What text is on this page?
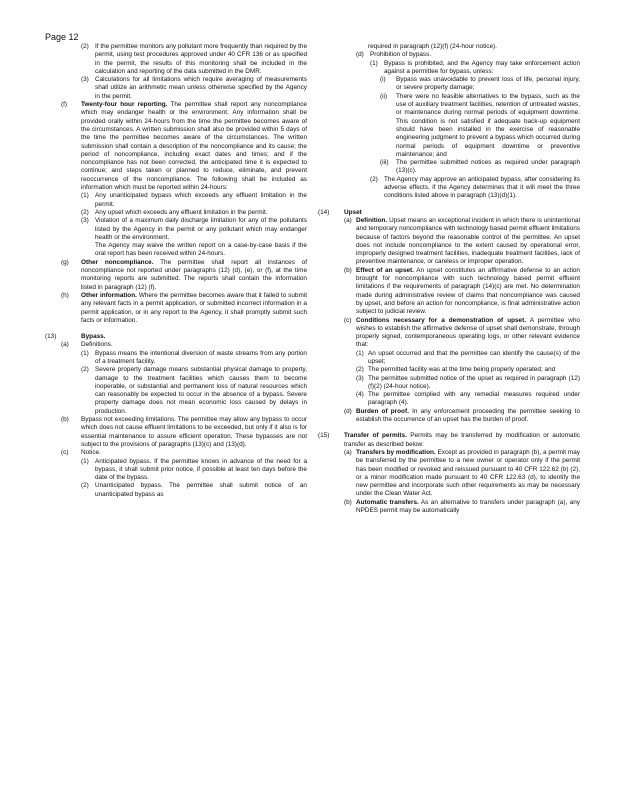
Page 12
(2) If the permittee monitors any pollutant more frequently than required by the permit, using test procedures approved under 40 CFR 136 or as specified in the permit, the results of this monitoring shall be included in the calculation and reporting of the data submitted in the DMR.
(3) Calculations for all limitations which require averaging of measurements shall utilize an arithmetic mean unless otherwise specified by the Agency in the permit.
(f)	Twenty-four hour reporting. The permittee shall report any noncompliance which may endanger health or the environment. Any information shall be provided orally within 24-hours from the time the permittee becomes aware of the circumstances. A written submission shall also be provided within 5 days of the time the permittee becomes aware of the circumstances. The written submission shall contain a description of the noncompliance and its cause; the period of noncompliance, including exact dates and times; and if the noncompliance has not been corrected, the anticipated time it is expected to continue; and steps taken or planned to reduce, eliminate, and prevent reoccurrence of the noncompliance. The following shall be included as information which must be reported within 24-hours:
(1) Any unanticipated bypass which exceeds any effluent limitation in the permit.
(2) Any upset which exceeds any effluent limitation in the permit.
(3) Violation of a maximum daily discharge limitation for any of the pollutants listed by the Agency in the permit or any pollutant which may endanger health or the environment.
The Agency may waive the written report on a case-by-case basis if the oral report has been received within 24-hours.
(g)	Other noncompliance. The permittee shall report all instances of noncompliance not reported under paragraphs (12) (d), (e), or (f), at the time monitoring reports are submitted. The reports shall contain the information listed in paragraph (12) (f).
(h)	Other information. Where the permittee becomes aware that it failed to submit any relevant facts in a permit application, or submitted incorrect information in a permit application, or in any report to the Agency, it shall promptly submit such facts or information.
(13)	Bypass.
(a)	Definitions.
(1) Bypass means the intentional diversion of waste streams from any portion of a treatment facility.
(2) Severe property damage means substantial physical damage to property, damage to the treatment facilities which causes them to become inoperable, or substantial and permanent loss of natural resources which can reasonably be expected to occur in the absence of a bypass. Severe property damage does not mean economic loss caused by delays in production.
(b)	Bypass not exceeding limitations. The permittee may allow any bypass to occur which does not cause effluent limitations to be exceeded, but only if it also is for essential maintenance to assure efficient operation. These bypasses are not subject to the provisions of paragraphs (13)(c) and (13)(d).
(c)	Notice.
(1) Anticipated bypass. If the permittee knows in advance of the need for a bypass, it shall submit prior notice, if possible at least ten days before the date of the bypass.
(2) Unanticipated bypass. The permittee shall submit notice of an unanticipated bypass as
required in paragraph (12)(f) (24-hour notice).
(d) Prohibition of bypass.
(1) Bypass is prohibited, and the Agency may take enforcement action against a permittee for bypass, unless:
(i)	Bypass was unavoidable to prevent loss of life, personal injury, or severe property damage;
(ii)	There were no feasible alternatives to the bypass, such as the use of auxiliary treatment facilities, retention of untreated wastes, or maintenance during normal periods of equipment downtime. This condition is not satisfied if adequate back-up equipment should have been installed in the exercise of reasonable engineering judgment to prevent a bypass which occurred during normal periods of equipment downtime or preventive maintenance; and
(iii)	The permittee submitted notices as required under paragraph (13)(c).
(2) The Agency may approve an anticipated bypass, after considering its adverse effects, if the Agency determines that it will meet the three conditions listed above in paragraph (13)(d)(1).
(14)	Upset
(a) Definition. Upset means an exceptional incident in which there is unintentional and temporary noncompliance with technology based permit effluent limitations because of factors beyond the reasonable control of the permittee. An upset does not include noncompliance to the extent caused by operational error, improperly designed treatment facilities, inadequate treatment facilities, lack of preventive maintenance, or careless or improper operation.
(b) Effect of an upset. An upset constitutes an affirmative defense to an action brought for noncompliance with such technology based permit effluent limitations if the requirements of paragraph (14)(c) are met. No determination made during administrative review of claims that noncompliance was caused by upset, and before an action for noncompliance, is final administrative action subject to judicial review.
(c) Conditions necessary for a demonstration of upset. A permittee who wishes to establish the affirmative defense of upset shall demonstrate, through properly signed, contemporaneous operating logs, or other relevant evidence that:
(1) An upset occurred and that the permittee can identify the cause(s) of the upset;
(2) The permitted facility was at the time being properly operated; and
(3) The permittee submitted notice of the upset as required in paragraph (12)(f)(2) (24-hour notice).
(4) The permittee complied with any remedial measures required under paragraph (4).
(d) Burden of proof. In any enforcement proceeding the permittee seeking to establish the occurrence of an upset has the burden of proof.
(15)	Transfer of permits. Permits may be transferred by modification or automatic transfer as described below:
(a) Transfers by modification. Except as provided in paragraph (b), a permit may be transferred by the permittee to a new owner or operator only if the permit has been modified or revoked and reissued pursuant to 40 CFR 122.62 (b) (2), or a minor modification made pursuant to 40 CFR 122.63 (d), to identify the new permittee and incorporate such other requirements as may be necessary under the Clean Water Act.
(b) Automatic transfers. As an alternative to transfers under paragraph (a), any NPDES permit may be automatically
